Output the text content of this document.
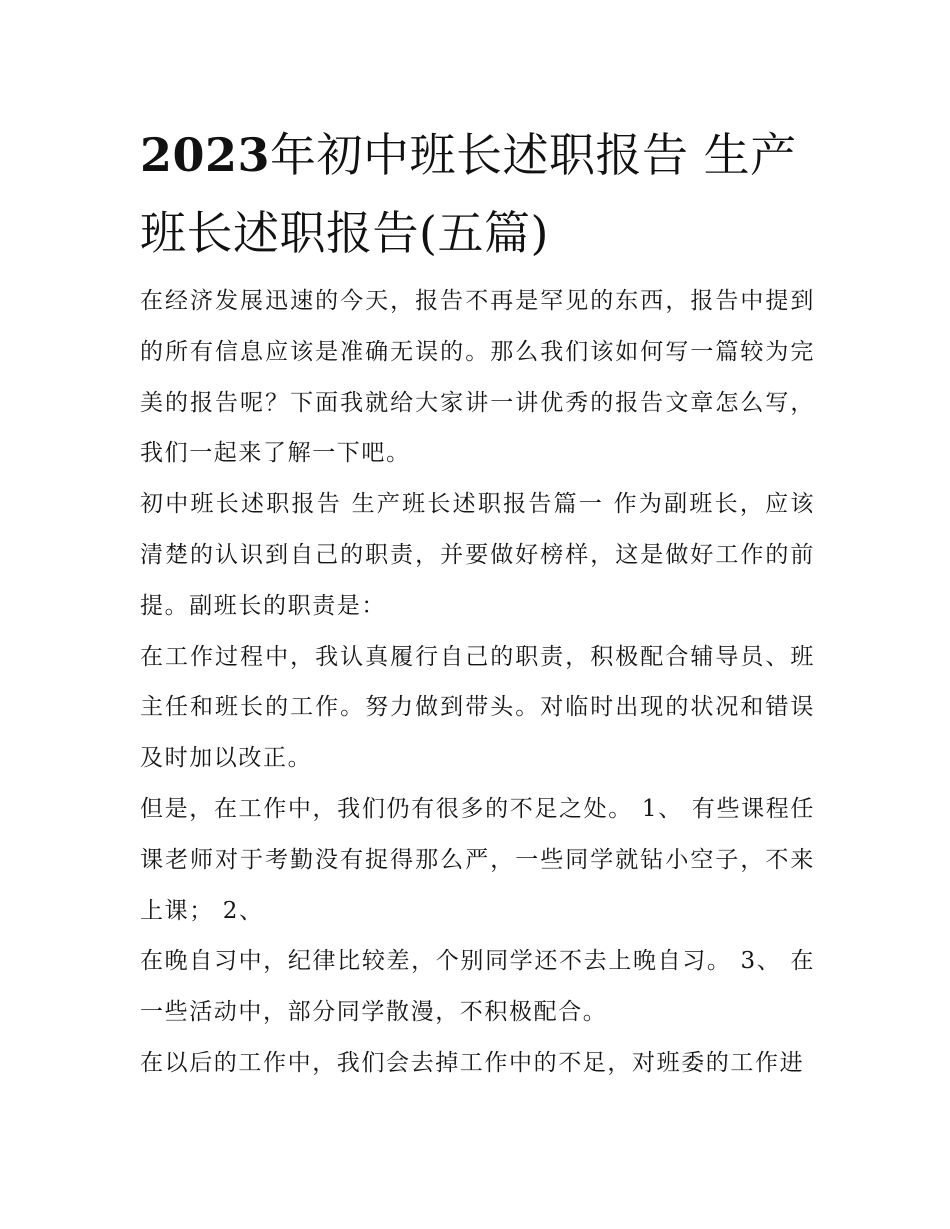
2023年初中班长述职报告 生产班长述职报告(五篇)

在经济发展迅速的今天，报告不再是罕见的东西，报告中提到的所有信息应该是准确无误的。那么我们该如何写一篇较为完美的报告呢？下面我就给大家讲一讲优秀的报告文章怎么写，我们一起来了解一下吧。

初中班长述职报告 生产班长述职报告篇一 作为副班长，应该清楚的认识到自己的职责，并要做好榜样，这是做好工作的前提。副班长的职责是：

在工作过程中，我认真履行自己的职责，积极配合辅导员、班主任和班长的工作。努力做到带头。对临时出现的状况和错误及时加以改正。

但是，在工作中，我们仍有很多的不足之处。 1、 有些课程任课老师对于考勤没有捉得那么严，一些同学就钻小空子，不来上课； 2、

在晚自习中，纪律比较差，个别同学还不去上晚自习。 3、 在一些活动中，部分同学散漫，不积极配合。

在以后的工作中，我们会去掉工作中的不足，对班委的工作进
